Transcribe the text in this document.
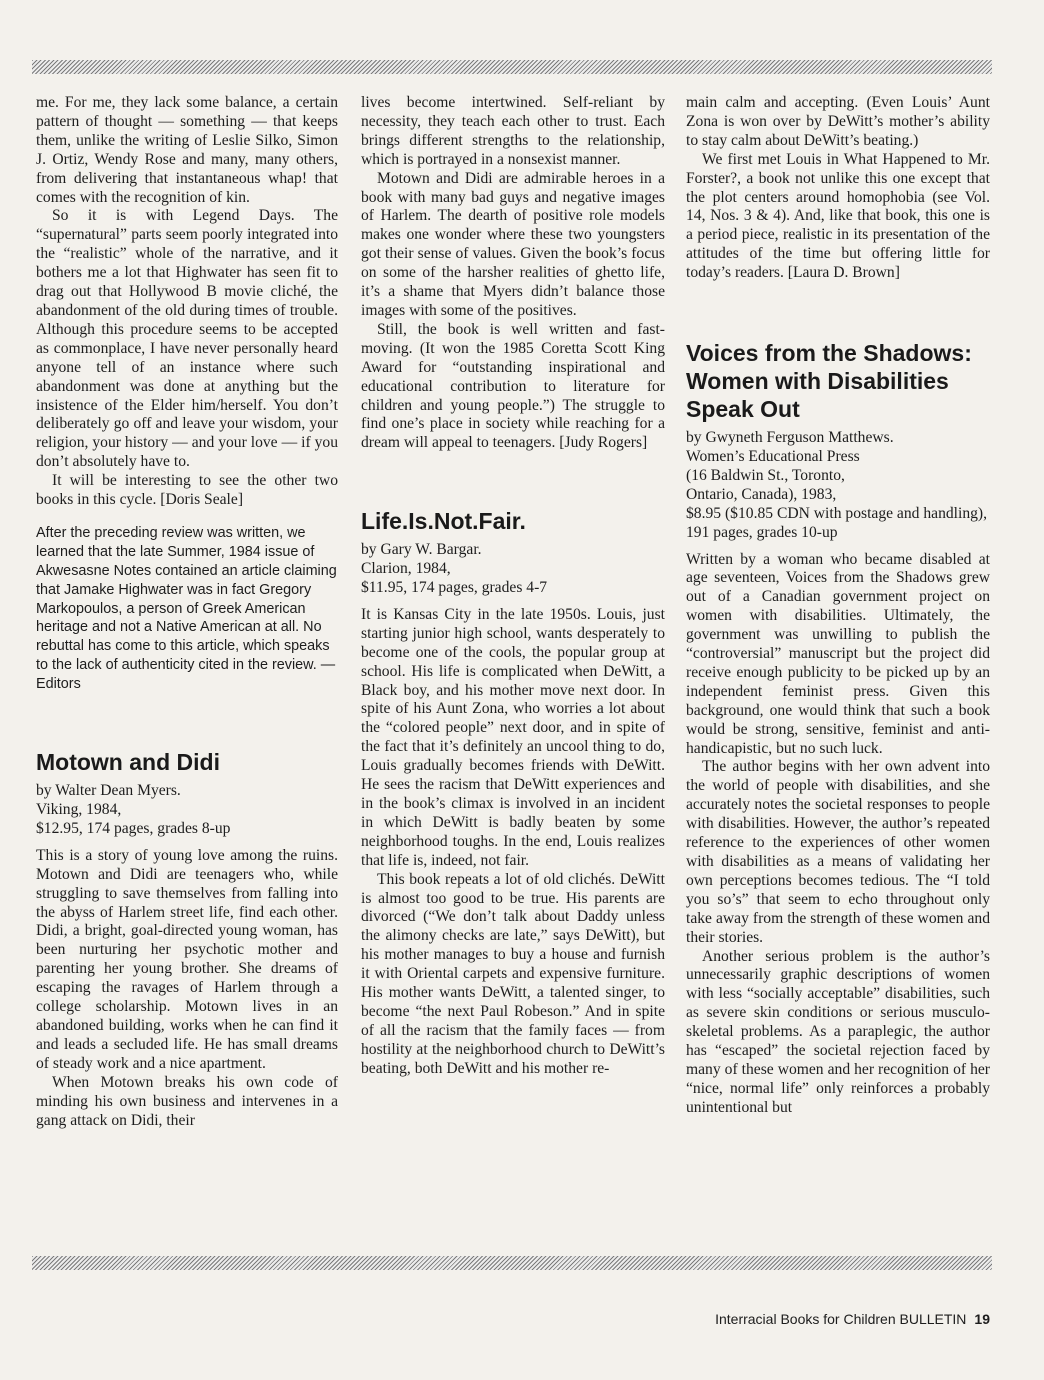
me. For me, they lack some balance, a certain pattern of thought — something — that keeps them, unlike the writing of Leslie Silko, Simon J. Ortiz, Wendy Rose and many, many others, from delivering that instantaneous whap! that comes with the recognition of kin.

So it is with Legend Days. The “supernatural” parts seem poorly integrated into the “realistic” whole of the narrative, and it bothers me a lot that Highwater has seen fit to drag out that Hollywood B movie cliché, the abandonment of the old during times of trouble. Although this procedure seems to be accepted as commonplace, I have never personally heard anyone tell of an instance where such abandonment was done at anything but the insistence of the Elder him/herself. You don’t deliberately go off and leave your wisdom, your religion, your history — and your love — if you don’t absolutely have to.

It will be interesting to see the other two books in this cycle. [Doris Seale]

After the preceding review was written, we learned that the late Summer, 1984 issue of Akwesasne Notes contained an article claiming that Jamake Highwater was in fact Gregory Markopoulos, a person of Greek American heritage and not a Native American at all. No rebuttal has come to this article, which speaks to the lack of authenticity cited in the review. —Editors

Motown and Didi
by Walter Dean Myers.
Viking, 1984,
$12.95, 174 pages, grades 8-up

This is a story of young love among the ruins. Motown and Didi are teenagers who, while struggling to save themselves from falling into the abyss of Harlem street life, find each other. Didi, a bright, goal-directed young woman, has been nurturing her psychotic mother and parenting her young brother. She dreams of escaping the ravages of Harlem through a college scholarship. Motown lives in an abandoned building, works when he can find it and leads a secluded life. He has small dreams of steady work and a nice apartment.

When Motown breaks his own code of minding his own business and intervenes in a gang attack on Didi, their

lives become intertwined. Self-reliant by necessity, they teach each other to trust. Each brings different strengths to the relationship, which is portrayed in a nonsexist manner.

Motown and Didi are admirable heroes in a book with many bad guys and negative images of Harlem. The dearth of positive role models makes one wonder where these two youngsters got their sense of values. Given the book’s focus on some of the harsher realities of ghetto life, it’s a shame that Myers didn’t balance those images with some of the positives.

Still, the book is well written and fast-moving. (It won the 1985 Coretta Scott King Award for “outstanding inspirational and educational contribution to literature for children and young people.”) The struggle to find one’s place in society while reaching for a dream will appeal to teenagers. [Judy Rogers]

Life.Is.Not.Fair.
by Gary W. Bargar.
Clarion, 1984,
$11.95, 174 pages, grades 4-7

It is Kansas City in the late 1950s. Louis, just starting junior high school, wants desperately to become one of the cools, the popular group at school. His life is complicated when DeWitt, a Black boy, and his mother move next door. In spite of his Aunt Zona, who worries a lot about the “colored people” next door, and in spite of the fact that it’s definitely an uncool thing to do, Louis gradually becomes friends with DeWitt. He sees the racism that DeWitt experiences and in the book’s climax is involved in an incident in which DeWitt is badly beaten by some neighborhood toughs. In the end, Louis realizes that life is, indeed, not fair.

This book repeats a lot of old clichés. DeWitt is almost too good to be true. His parents are divorced (“We don’t talk about Daddy unless the alimony checks are late,” says DeWitt), but his mother manages to buy a house and furnish it with Oriental carpets and expensive furniture. His mother wants DeWitt, a talented singer, to become “the next Paul Robeson.” And in spite of all the racism that the family faces — from hostility at the neighborhood church to DeWitt’s beating, both DeWitt and his mother re-

main calm and accepting. (Even Louis’ Aunt Zona is won over by DeWitt’s mother’s ability to stay calm about DeWitt’s beating.)

We first met Louis in What Happened to Mr. Forster?, a book not unlike this one except that the plot centers around homophobia (see Vol. 14, Nos. 3 & 4). And, like that book, this one is a period piece, realistic in its presentation of the attitudes of the time but offering little for today’s readers. [Laura D. Brown]

Voices from the Shadows: Women with Disabilities Speak Out
by Gwyneth Ferguson Matthews.
Women’s Educational Press
(16 Baldwin St., Toronto,
Ontario, Canada), 1983,
$8.95 ($10.85 CDN with postage and handling), 191 pages, grades 10-up

Written by a woman who became disabled at age seventeen, Voices from the Shadows grew out of a Canadian government project on women with disabilities. Ultimately, the government was unwilling to publish the “controversial” manuscript but the project did receive enough publicity to be picked up by an independent feminist press. Given this background, one would think that such a book would be strong, sensitive, feminist and anti-handicapistic, but no such luck.

The author begins with her own advent into the world of people with disabilities, and she accurately notes the societal responses to people with disabilities. However, the author’s repeated reference to the experiences of other women with disabilities as a means of validating her own perceptions becomes tedious. The “I told you so’s” that seem to echo throughout only take away from the strength of these women and their stories.

Another serious problem is the author’s unnecessarily graphic descriptions of women with less “socially acceptable” disabilities, such as severe skin conditions or serious musculo-skeletal problems. As a paraplegic, the author has “escaped” the societal rejection faced by many of these women and her recognition of her “nice, normal life” only reinforces a probably unintentional but

Interracial Books for Children BULLETIN 19
